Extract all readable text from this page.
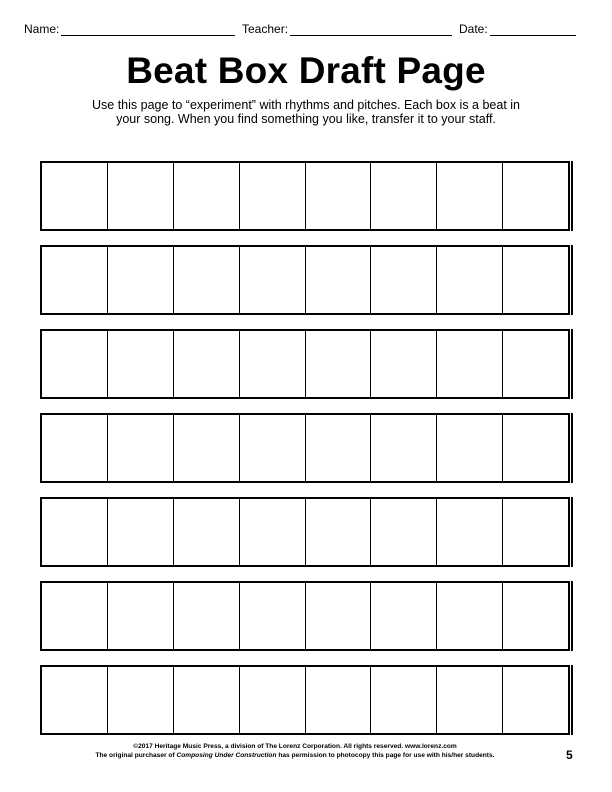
Name:	Teacher:	Date:
Beat Box Draft Page
Use this page to “experiment” with rhythms and pitches. Each box is a beat in
your song. When you find something you like, transfer it to your staff.
©2017 Heritage Music Press, a division of The Lorenz Corporation. All rights reserved. www.lorenz.com
The original purchaser of Composing Under Construction has permission to photocopy this page for use with his/her students.	5
